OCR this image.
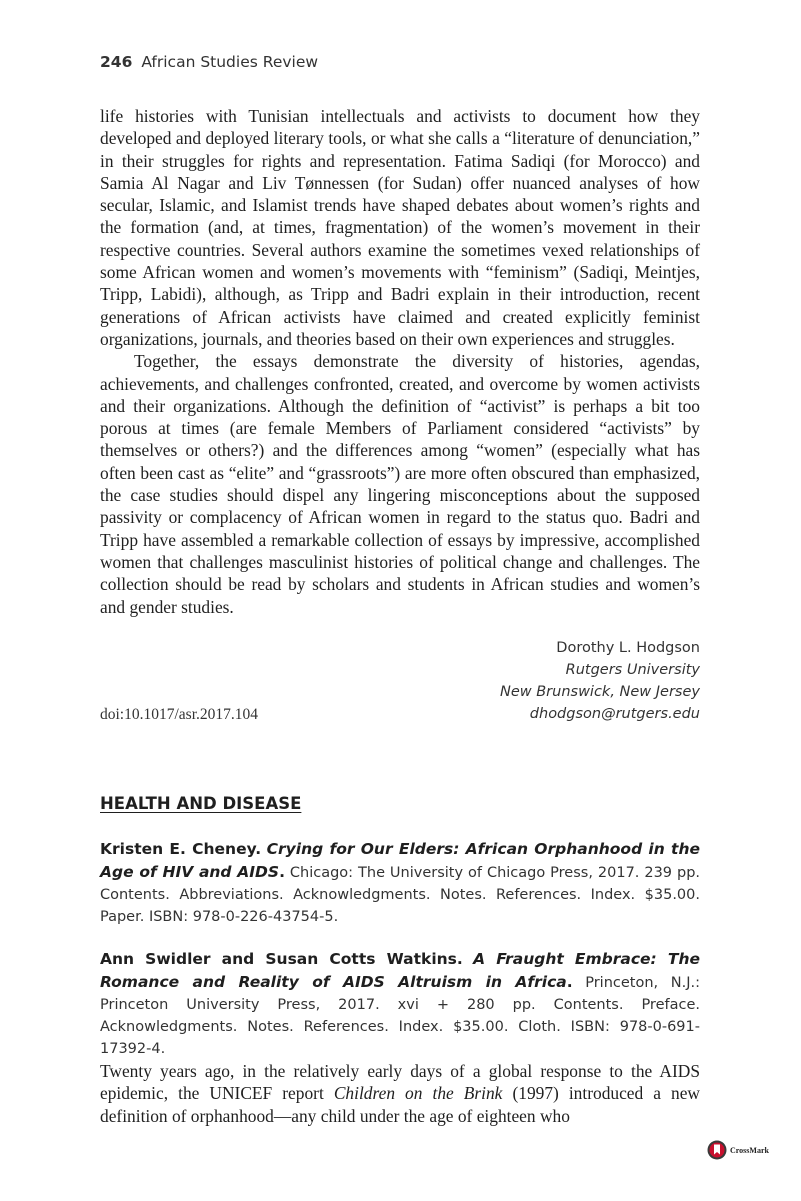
246 African Studies Review

life histories with Tunisian intellectuals and activists to document how they developed and deployed literary tools, or what she calls a “literature of denunciation,” in their struggles for rights and representation. Fatima Sadiqi (for Morocco) and Samia Al Nagar and Liv Tønnessen (for Sudan) offer nuanced analyses of how secular, Islamic, and Islamist trends have shaped debates about women’s rights and the formation (and, at times, fragmentation) of the women’s movement in their respective countries. Several authors examine the sometimes vexed relationships of some African women and women’s movements with “feminism” (Sadiqi, Meintjes, Tripp, Labidi), although, as Tripp and Badri explain in their introduction, recent generations of African activists have claimed and created explicitly feminist organizations, journals, and theories based on their own experiences and struggles.

Together, the essays demonstrate the diversity of histories, agendas, achievements, and challenges confronted, created, and overcome by women activists and their organizations. Although the definition of “activist” is perhaps a bit too porous at times (are female Members of Parliament considered “activists” by themselves or others?) and the differences among “women” (especially what has often been cast as “elite” and “grassroots”) are more often obscured than emphasized, the case studies should dispel any lingering misconceptions about the supposed passivity or complacency of African women in regard to the status quo. Badri and Tripp have assembled a remarkable collection of essays by impressive, accomplished women that challenges masculinist histories of political change and challenges. The collection should be read by scholars and students in African studies and women’s and gender studies.

Dorothy L. Hodgson
Rutgers University
New Brunswick, New Jersey
dhodgson@rutgers.edu
doi:10.1017/asr.2017.104
HEALTH AND DISEASE
Kristen E. Cheney. Crying for Our Elders: African Orphanhood in the Age of HIV and AIDS. Chicago: The University of Chicago Press, 2017. 239 pp. Contents. Abbreviations. Acknowledgments. Notes. References. Index. $35.00. Paper. ISBN: 978-0-226-43754-5.
Ann Swidler and Susan Cotts Watkins. A Fraught Embrace: The Romance and Reality of AIDS Altruism in Africa. Princeton, N.J.: Princeton University Press, 2017. xvi + 280 pp. Contents. Preface. Acknowledgments. Notes. References. Index. $35.00. Cloth. ISBN: 978-0-691-17392-4.
Twenty years ago, in the relatively early days of a global response to the AIDS epidemic, the UNICEF report Children on the Brink (1997) introduced a new definition of orphanhood—any child under the age of eighteen who
CrossMark
